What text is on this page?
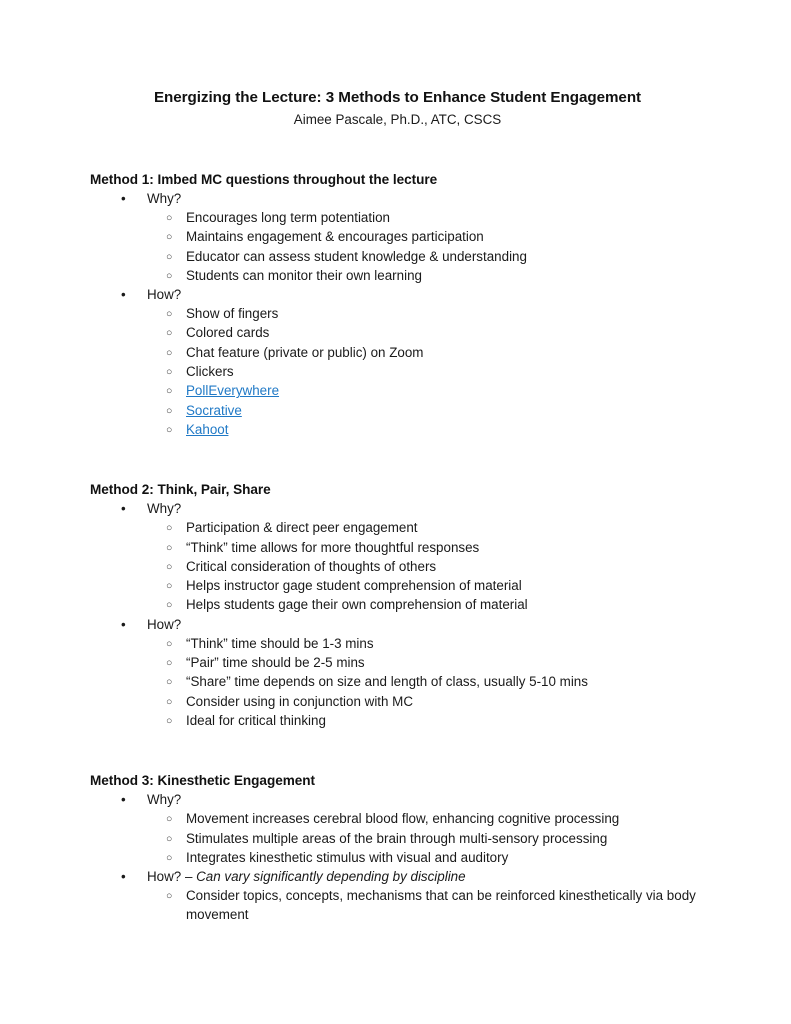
Energizing the Lecture: 3 Methods to Enhance Student Engagement

Aimee Pascale, Ph.D., ATC, CSCS

Method 1: Imbed MC questions throughout the lecture
• Why?
○ Encourages long term potentiation
○ Maintains engagement & encourages participation
○ Educator can assess student knowledge & understanding
○ Students can monitor their own learning
• How?
○ Show of fingers
○ Colored cards
○ Chat feature (private or public) on Zoom
○ Clickers
○ PollEverywhere
○ Socrative
○ Kahoot
Method 2: Think, Pair, Share
• Why?
○ Participation & direct peer engagement
○ “Think” time allows for more thoughtful responses
○ Critical consideration of thoughts of others
○ Helps instructor gage student comprehension of material
○ Helps students gage their own comprehension of material
• How?
○ “Think” time should be 1-3 mins
○ “Pair” time should be 2-5 mins
○ “Share” time depends on size and length of class, usually 5-10 mins
○ Consider using in conjunction with MC
○ Ideal for critical thinking
Method 3: Kinesthetic Engagement
• Why?
○ Movement increases cerebral blood flow, enhancing cognitive processing
○ Stimulates multiple areas of the brain through multi-sensory processing
○ Integrates kinesthetic stimulus with visual and auditory
• How? – Can vary significantly depending by discipline
○ Consider topics, concepts, mechanisms that can be reinforced kinesthetically via body movement
